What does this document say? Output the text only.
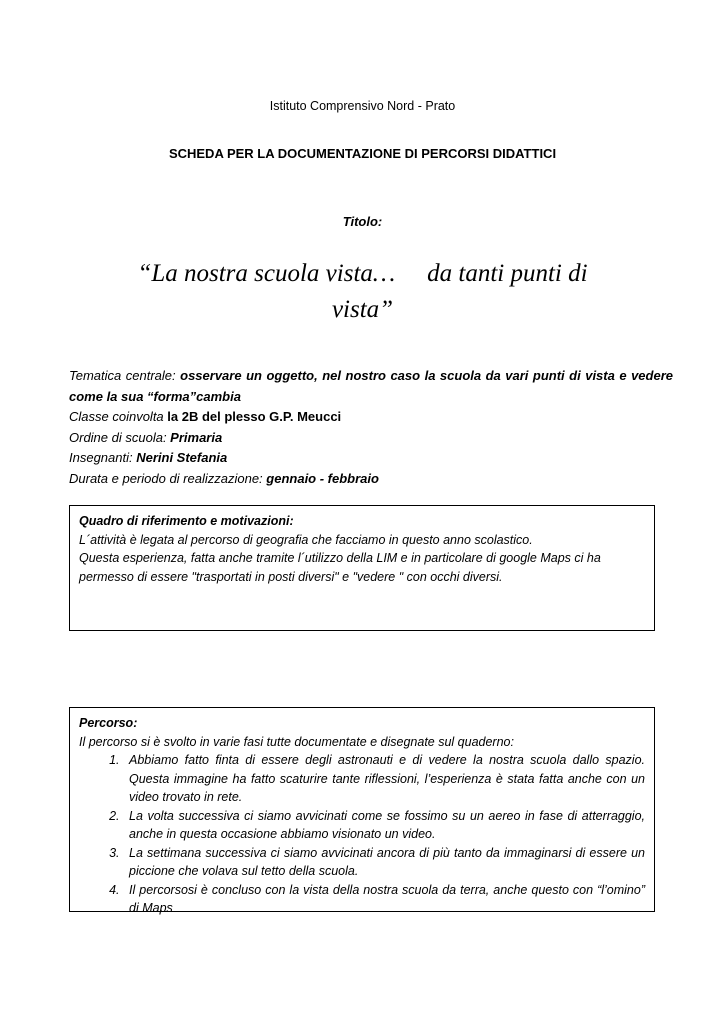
Istituto Comprensivo Nord - Prato
SCHEDA PER LA DOCUMENTAZIONE DI PERCORSI DIDATTICI
Titolo:
“La nostra scuola vista… da tanti punti di
vista”
Tematica centrale: osservare un oggetto, nel nostro caso la scuola da vari punti di vista e vedere
come la sua “forma”cambia
Classe coinvolta la 2B del plesso G.P. Meucci
Ordine di scuola: Primaria
Insegnanti: Nerini Stefania
Durata e periodo di realizzazione: gennaio - febbraio
Quadro di riferimento e motivazioni:
L´attività è legata al percorso di geografia che facciamo in questo anno scolastico.
Questa esperienza, fatta anche tramite l´utilizzo della LIM e in particolare di google Maps ci ha permesso di essere ʺtrasportati in posti diversiʺ e ʺvedere ʺ con occhi diversi.
Percorso:
Il percorso si è svolto in varie fasi tutte documentate e disegnate sul quaderno:
1. Abbiamo fatto finta di essere degli astronauti e di vedere la nostra scuola dallo spazio. Questa immagine ha fatto scaturire tante riflessioni, l’esperienza è stata fatta anche con un video trovato in rete.
2. La volta successiva ci siamo avvicinati come se fossimo su un aereo in fase di atterraggio, anche in questa occasione abbiamo visionato un video.
3. La settimana successiva ci siamo avvicinati ancora di più tanto da immaginarsi di essere un piccione che volava sul tetto della scuola.
4. Il percorsosi è concluso con la vista della nostra scuola da terra, anche questo con “l’omino” di Maps
